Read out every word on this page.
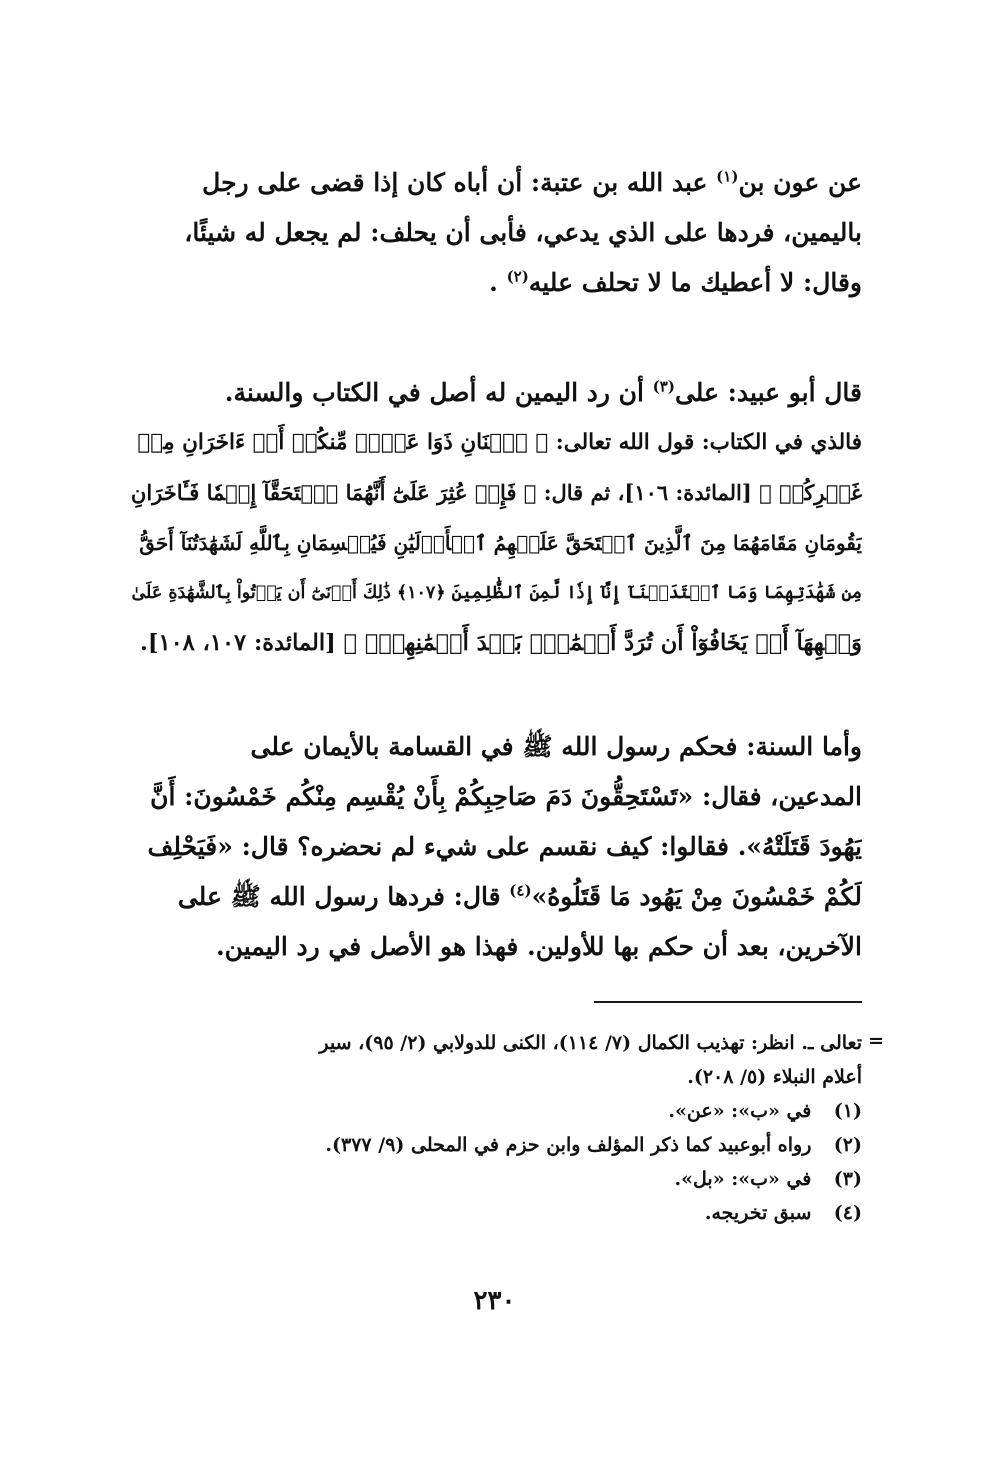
عن عون بن$^{(١)}$ عبد الله بن عتبة: أن أباه كان إذا قضى على رجل
باليمين، فردها على الذي يدعي، فأبى أن يحلف: لم يجعل له شيئًا،
وقال: لا أعطيك ما لا تحلف عليه$^{(٢)}$ .
قال أبو عبيد: على$^{(٣)}$ أن رد اليمين له أصل في الكتاب والسنة.
فالذي في الكتاب: قول الله تعالى: ﴿ ٱثۡنَانِ ذَوَا عَدۡلٖ مِّنكُمۡ أَوۡ ءَاخَرَانِ مِنۡ
غَيۡرِكُمۡ ﴾ [المائدة: ١٠٦]، ثم قال: ﴿ فَإِنۡ عُثِرَ عَلَىٰٓ أَنَّهُمَا ٱسۡتَحَقَّآ إِثۡمٗا فَـَٔاخَرَانِ
يَقُومَانِ مَقَامَهُمَا مِنَ ٱلَّذِينَ ٱسۡتَحَقَّ عَلَيۡهِمُ ٱلۡأَوۡلَيَٰنِ فَيُقۡسِمَانِ بِٱللَّهِ لَشَهَٰدَتُنَآ أَحَقُّ
مِن شَهَٰدَتِهِمَا وَمَا ٱعۡتَدَيۡنَآ إِنَّآ إِذٗا لَّمِنَ ٱلظَّٰلِمِينَ ﴿١٠٧﴾ ذَٰلِكَ أَدۡنَىٰٓ أَن يَأۡتُواْ بِٱلشَّهَٰدَةِ عَلَىٰ
وَجۡهِهَآ أَوۡ يَخَافُوٓاْ أَن تُرَدَّ أَيۡمَٰنُۢ بَعۡدَ أَيۡمَٰنِهِمۡۗ ﴾ [المائدة: ١٠٧، ١٠٨].
وأما السنة: فحكم رسول الله ﷺ في القسامة بالأيمان على
المدعين، فقال: «تَسْتَحِقُّونَ دَمَ صَاحِبِكُمْ بِأَنْ يُقْسِم مِنْكُم خَمْسُونَ: أَنَّ
يَهُودَ قَتَلَتْهُ». فقالوا: كيف نقسم على شيء لم نحضره؟ قال: «فَيَحْلِف
لَكُمْ خَمْسُونَ مِنْ يَهُود مَا قَتَلُوهُ»$^{(٤)}$ قال: فردها رسول الله ﷺ على
الآخرين، بعد أن حكم بها للأولين. فهذا هو الأصل في رد اليمين.
=
تعالى ـ. انظر: تهذيب الكمال (٧/ ١١٤)، الكنى للدولابي (٢/ ٩٥)، سير
أعلام النبلاء (٥/ ٢٠٨).
(١) في «ب»: «عن».
(٢) رواه أبوعبيد كما ذكر المؤلف وابن حزم في المحلى (٩/ ٣٧٧).
(٣) في «ب»: «بل».
(٤) سبق تخريجه.
٢٣٠
